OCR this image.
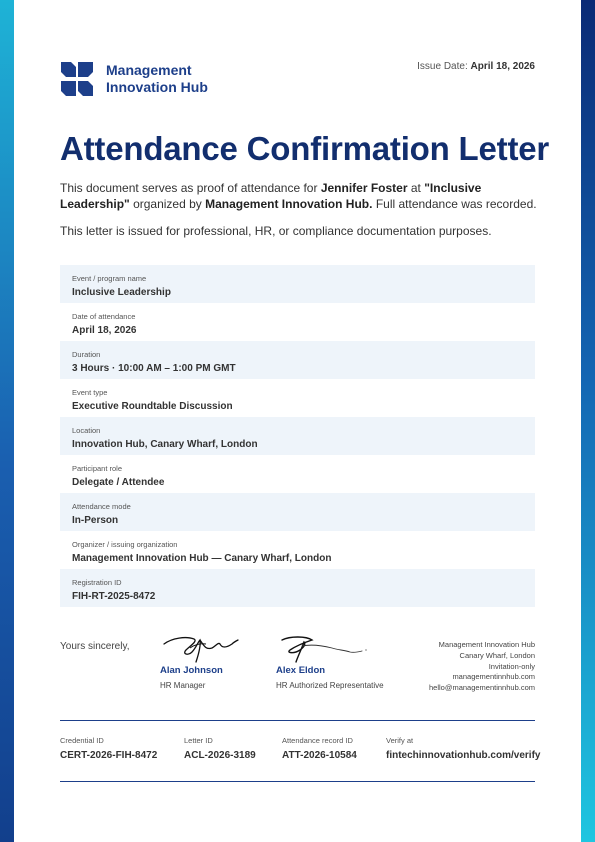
Management
Innovation Hub
Issue Date: April 18, 2026
Attendance Confirmation Letter

This document serves as proof of attendance for Jennifer Foster at "Inclusive Leadership" organized by Management Innovation Hub. Full attendance was recorded.

This letter is issued for professional, HR, or compliance documentation purposes.

Event / program name
Inclusive Leadership
Date of attendance
April 18, 2026
Duration
3 Hours · 10:00 AM – 1:00 PM GMT
Event type
Executive Roundtable Discussion
Location
Innovation Hub, Canary Wharf, London
Participant role
Delegate / Attendee
Attendance mode
In-Person
Organizer / issuing organization
Management Innovation Hub — Canary Wharf, London
Registration ID
FIH-RT-2025-8472
Yours sincerely,
Alan Johnson
HR Manager
Alex Eldon
HR Authorized Representative
Management Innovation Hub
Canary Wharf, London
Invitation-only
managementinnhub.com
hello@managementinnhub.com
Credential ID
CERT-2026-FIH-8472
Letter ID
ACL-2026-3189
Attendance record ID
ATT-2026-10584
Verify at
fintechinnovationhub.com/verify
